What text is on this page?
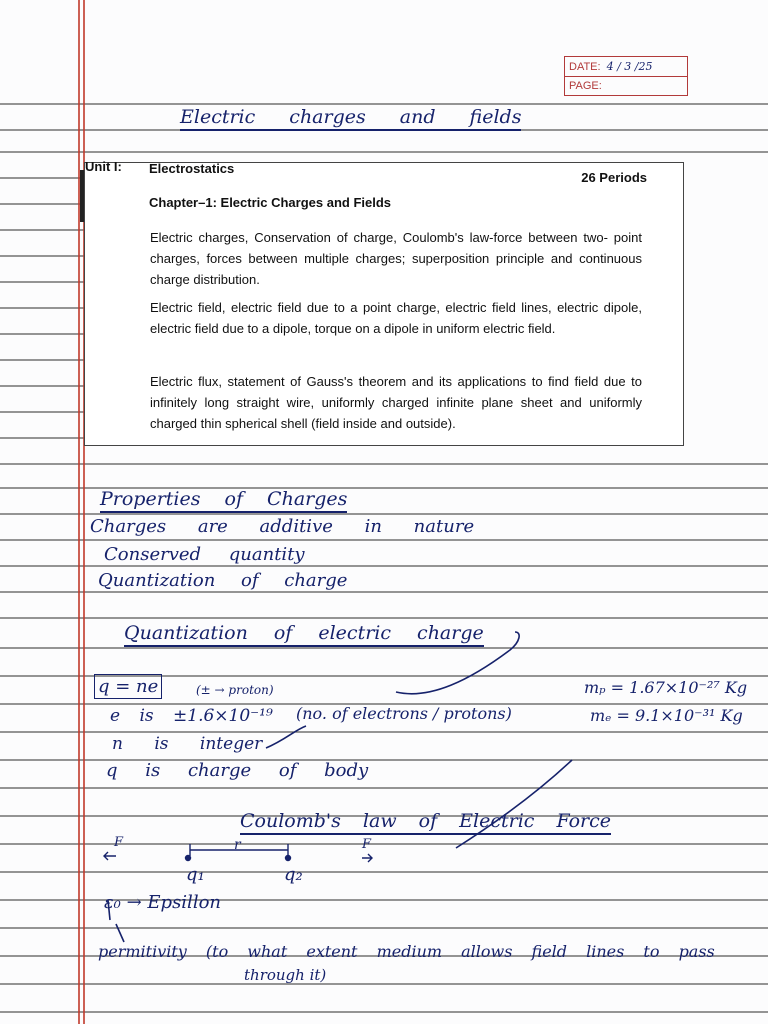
DATE: 4 / 3 /25
PAGE:
Electric charges and fields
Unit I: Electrostatics
26 Periods
Chapter–1: Electric Charges and Fields
Electric charges, Conservation of charge, Coulomb's law-force between two- point charges, forces between multiple charges; superposition principle and continuous charge distribution.
Electric field, electric field due to a point charge, electric field lines, electric dipole, electric field due to a dipole, torque on a dipole in uniform electric field.
Electric flux, statement of Gauss's theorem and its applications to find field due to infinitely long straight wire, uniformly charged infinite plane sheet and uniformly charged thin spherical shell (field inside and outside).
Properties of Charges
Charges are additive in nature
Conserved quantity
Quantization of charge
Quantization of electric charge
q = ne	(± → proton)
e is ±1.6×10⁻¹⁹ (no. of electrons / protons)
n is integer
q is charge of body
mₚ = 1.67×10⁻²⁷ Kg
mₑ = 9.1×10⁻³¹ Kg
Coulomb's law of Electric Force
F	F
r
q₁	q₂
ε₀ → Epsillon
permitivity (to what extent medium allows field lines to pass
through it)
